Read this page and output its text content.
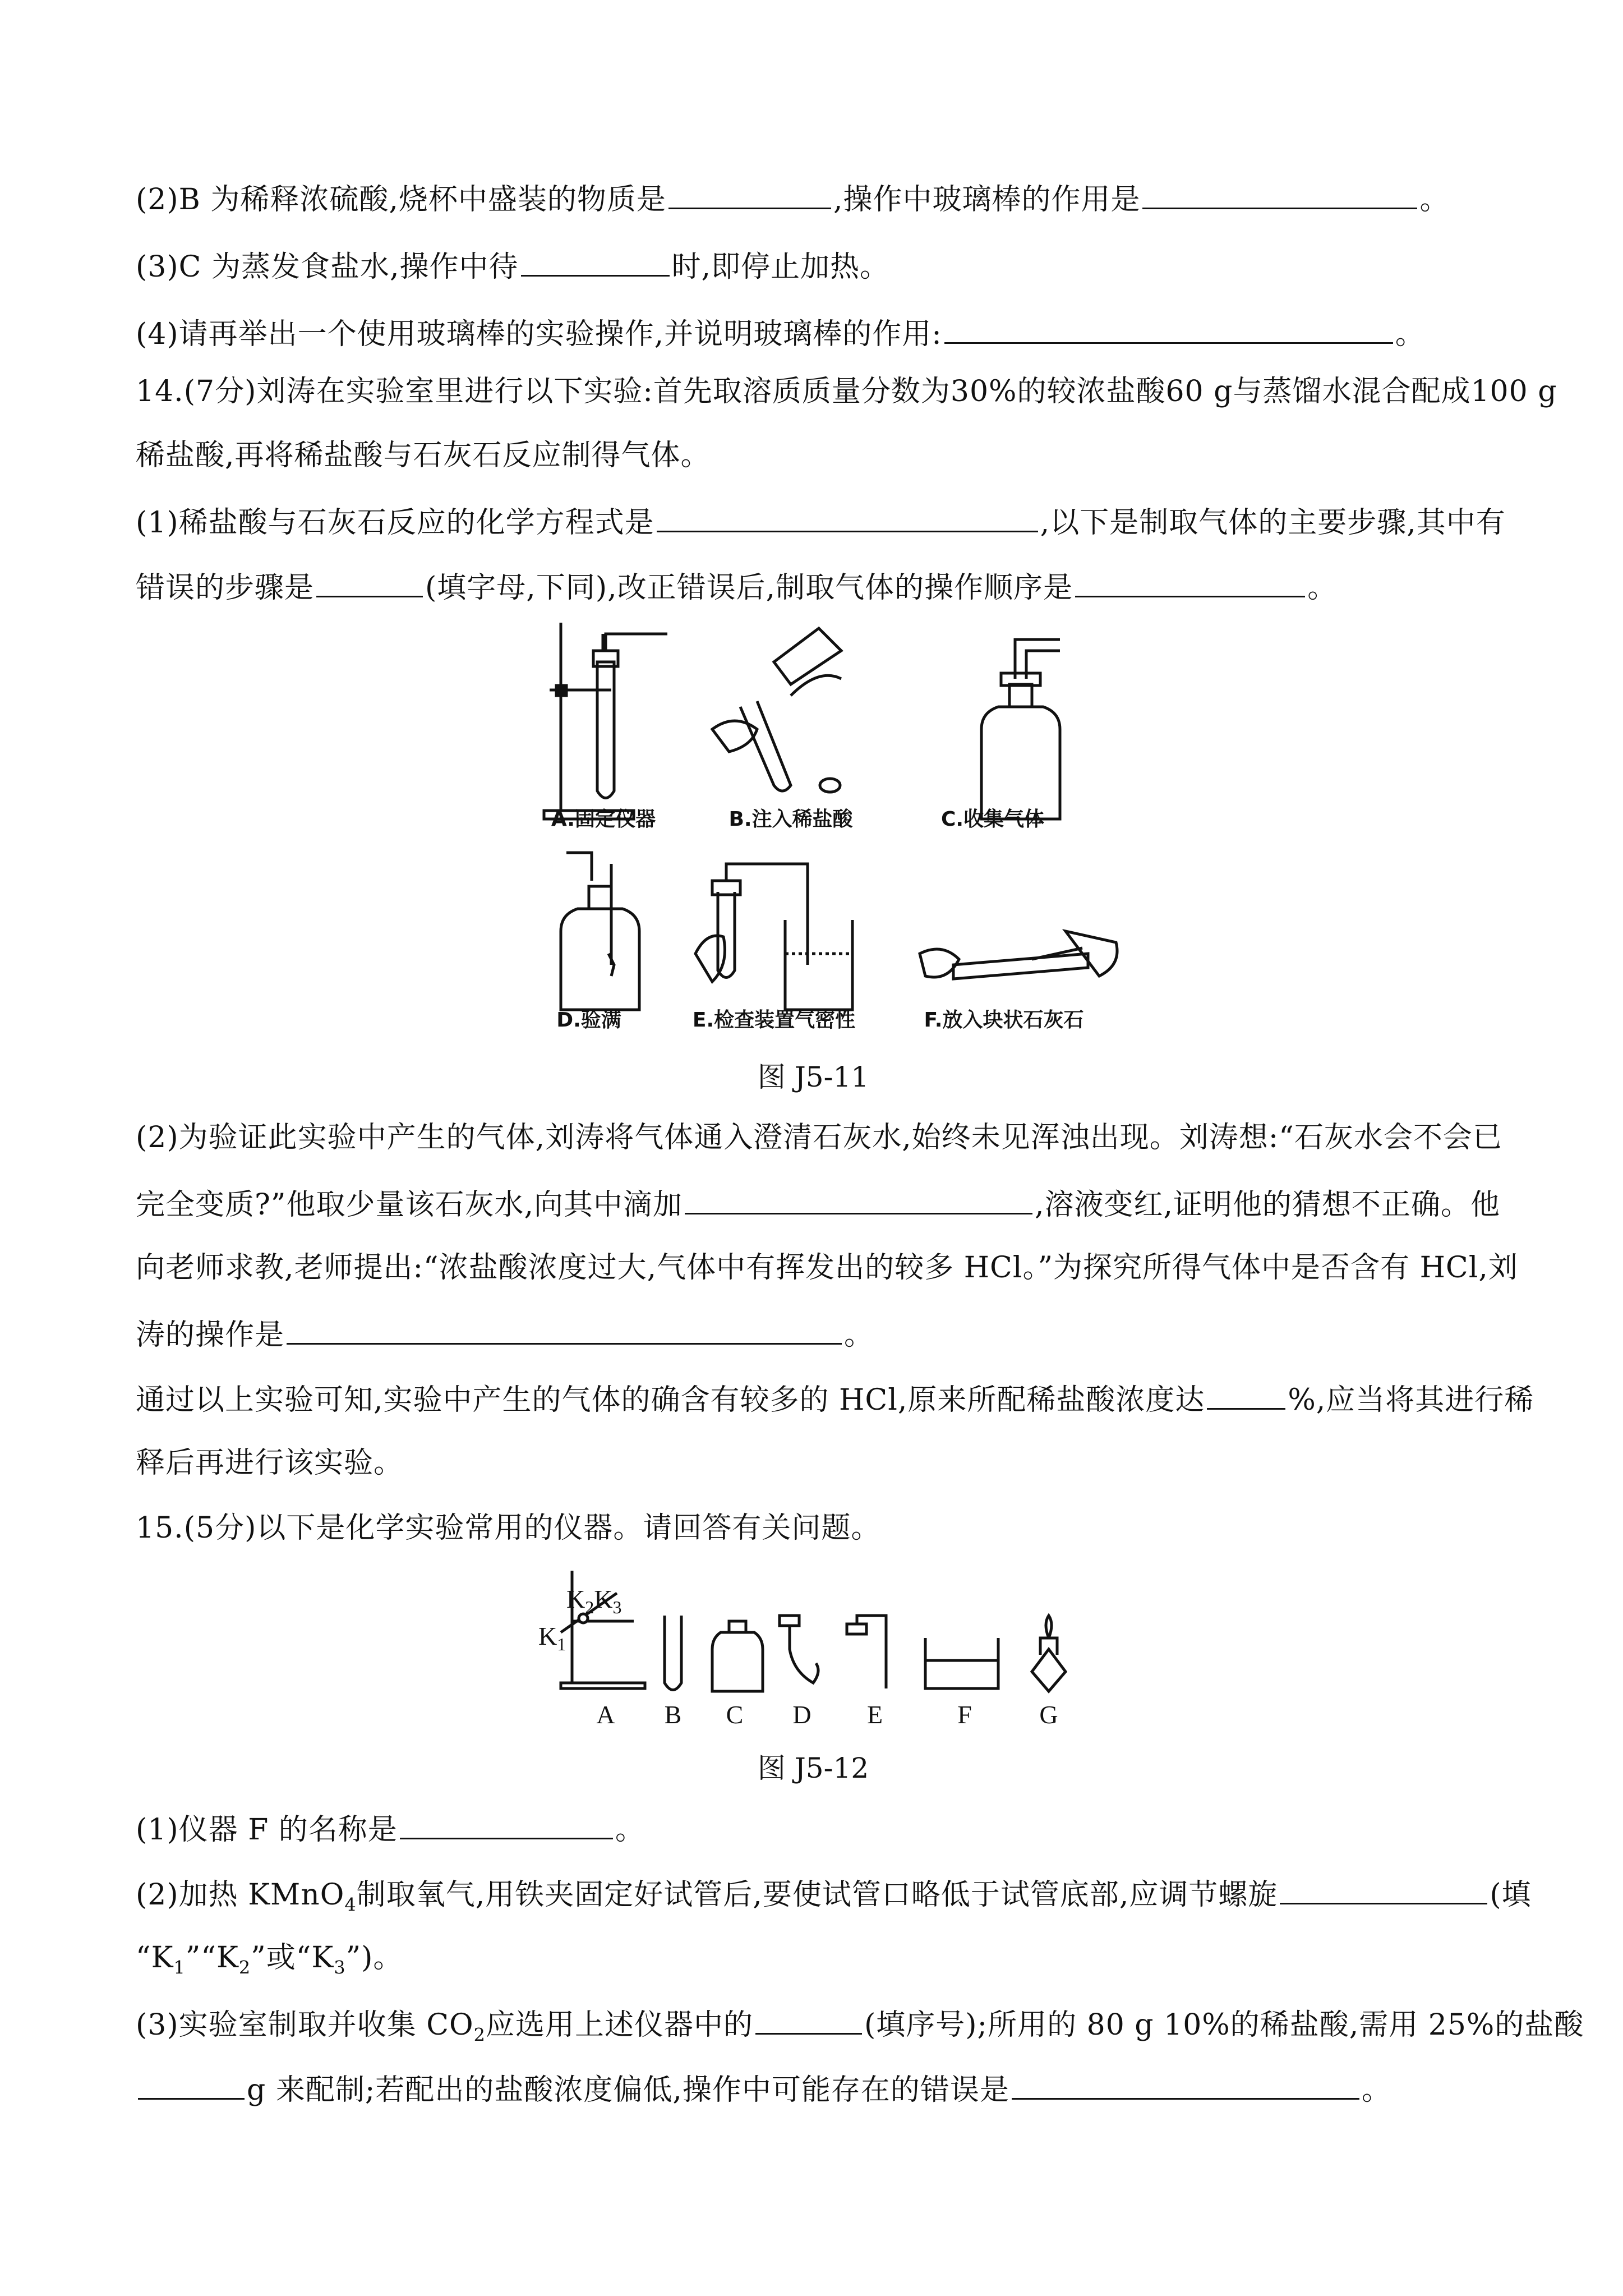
(2)B 为稀释浓硫酸,烧杯中盛装的物质是	,操作中玻璃棒的作用是	。
(3)C 为蒸发食盐水,操作中待	时,即停止加热。
(4)请再举出一个使用玻璃棒的实验操作,并说明玻璃棒的作用:	。
14.(7分)刘涛在实验室里进行以下实验:首先取溶质质量分数为30%的较浓盐酸60 g与蒸馏水混合配成100 g
稀盐酸,再将稀盐酸与石灰石反应制得气体。
(1)稀盐酸与石灰石反应的化学方程式是	,以下是制取气体的主要步骤,其中有
错误的步骤是	(填字母,下同),改正错误后,制取气体的操作顺序是	。
A.固定仪器	B.注入稀盐酸	C.收集气体
D.验满	E.检查装置气密性	F.放入块状石灰石
图 J5-11
(2)为验证此实验中产生的气体,刘涛将气体通入澄清石灰水,始终未见浑浊出现。刘涛想:“石灰水会不会已
完全变质?”他取少量该石灰水,向其中滴加	,溶液变红,证明他的猜想不正确。他
向老师求教,老师提出:“浓盐酸浓度过大,气体中有挥发出的较多 HCl。”为探究所得气体中是否含有 HCl,刘
涛的操作是	。
通过以上实验可知,实验中产生的气体的确含有较多的 HCl,原来所配稀盐酸浓度达	%,应当将其进行稀
释后再进行该实验。
15.(5分)以下是化学实验常用的仪器。请回答有关问题。
$K_2K_3$
$K_1$
A	B	C	D	E	F	G
图 J5-12
(1)仪器 F 的名称是	。
(2)加热 KMnO$_4$制取氧气,用铁夹固定好试管后,要使试管口略低于试管底部,应调节螺旋	(填
“$K_1”“K_2$”或“$K_3$”)。
(3)实验室制取并收集 $CO_2$应选用上述仪器中的	(填序号);所用的 80 g 10%的稀盐酸,需用 25%的盐酸
g 来配制;若配出的盐酸浓度偏低,操作中可能存在的错误是	。
